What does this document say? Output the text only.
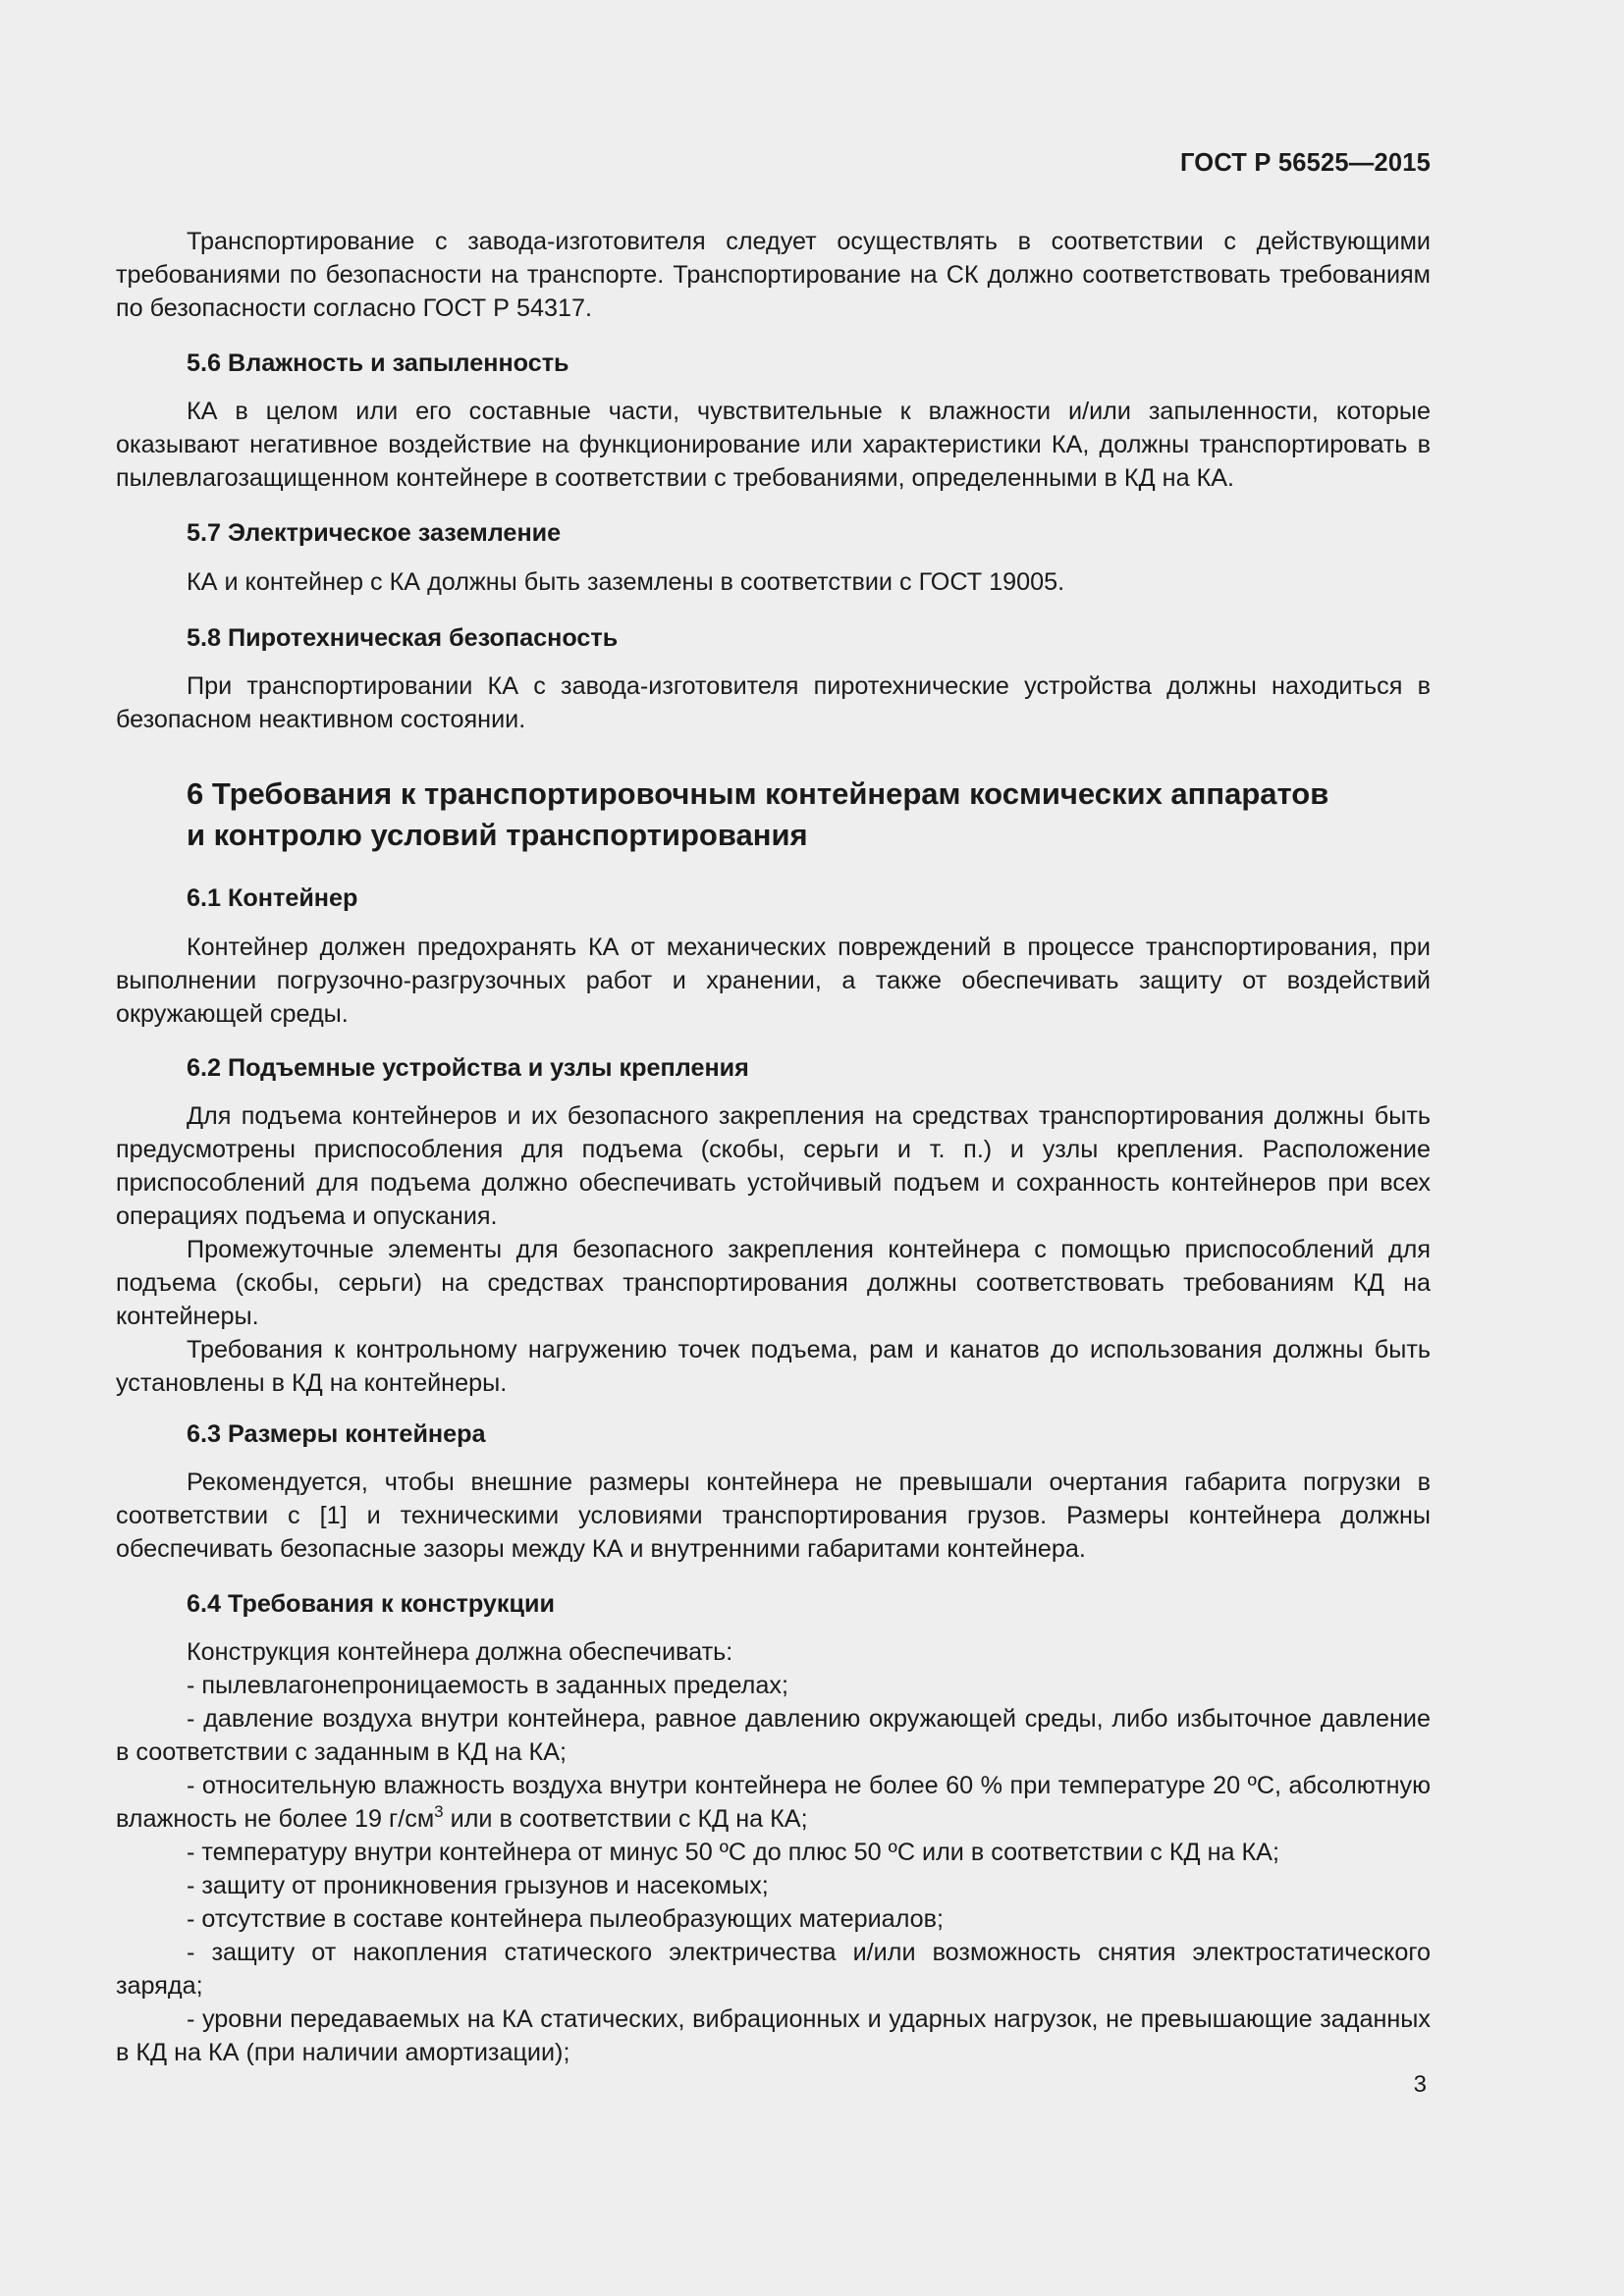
ГОСТ Р 56525—2015

Транспортирование с завода-изготовителя следует осуществлять в соответствии с действующими требованиями по безопасности на транспорте. Транспортирование на СК должно соответствовать требованиям по безопасности согласно ГОСТ Р 54317.

5.6 Влажность и запыленность

КА в целом или его составные части, чувствительные к влажности и/или запыленности, которые оказывают негативное воздействие на функционирование или характеристики КА, должны транспортировать в пылевлагозащищенном контейнере в соответствии с требованиями, определенными в КД на КА.

5.7 Электрическое заземление

КА и контейнер с КА должны быть заземлены в соответствии с ГОСТ 19005.

5.8 Пиротехническая безопасность

При транспортировании КА с завода-изготовителя пиротехнические устройства должны находиться в безопасном неактивном состоянии.

6 Требования к транспортировочным контейнерам космических аппаратов
и контролю условий транспортирования
6.1 Контейнер

Контейнер должен предохранять КА от механических повреждений в процессе транспортирования, при выполнении погрузочно-разгрузочных работ и хранении, а также обеспечивать защиту от воздействий окружающей среды.

6.2 Подъемные устройства и узлы крепления

Для подъема контейнеров и их безопасного закрепления на средствах транспортирования должны быть предусмотрены приспособления для подъема (скобы, серьги и т. п.) и узлы крепления. Расположение приспособлений для подъема должно обеспечивать устойчивый подъем и сохранность контейнеров при всех операциях подъема и опускания.

Промежуточные элементы для безопасного закрепления контейнера с помощью приспособлений для подъема (скобы, серьги) на средствах транспортирования должны соответствовать требованиям КД на контейнеры.

Требования к контрольному нагружению точек подъема, рам и канатов до использования должны быть установлены в КД на контейнеры.

6.3 Размеры контейнера

Рекомендуется, чтобы внешние размеры контейнера не превышали очертания габарита погрузки в соответствии с [1] и техническими условиями транспортирования грузов. Размеры контейнера должны обеспечивать безопасные зазоры между КА и внутренними габаритами контейнера.

6.4 Требования к конструкции

Конструкция контейнера должна обеспечивать:

- пылевлагонепроницаемость в заданных пределах;

- давление воздуха внутри контейнера, равное давлению окружающей среды, либо избыточное давление в соответствии с заданным в КД на КА;

- относительную влажность воздуха внутри контейнера не более 60 % при температуре 20 ºС, абсолютную влажность не более 19 $г/см^3$ или в соответствии с КД на КА;

- температуру внутри контейнера от минус 50 ºС до плюс 50 ºС или в соответствии с КД на КА;

- защиту от проникновения грызунов и насекомых;

- отсутствие в составе контейнера пылеобразующих материалов;

- защиту от накопления статического электричества и/или возможность снятия электростатического заряда;

- уровни передаваемых на КА статических, вибрационных и ударных нагрузок, не превышающие заданных в КД на КА (при наличии амортизации);

3
